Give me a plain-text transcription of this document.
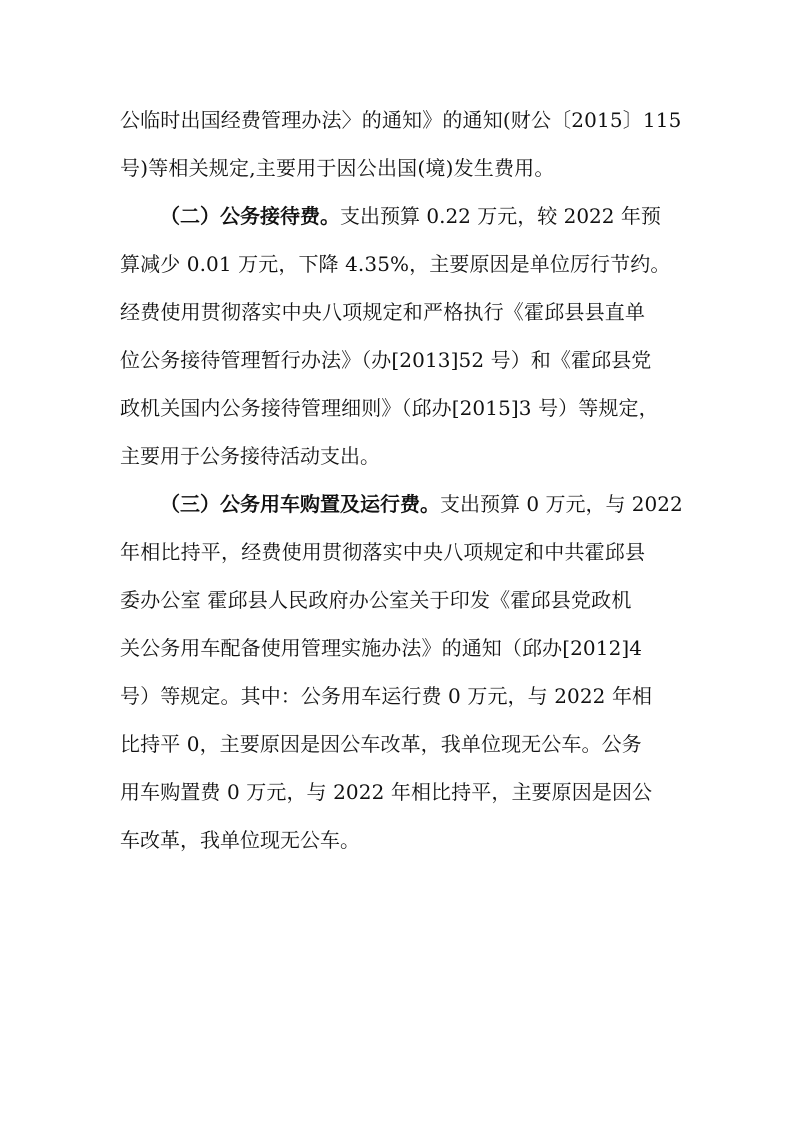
公临时出国经费管理办法〉的通知》的通知(财公〔2015〕115
号)等相关规定,主要用于因公出国(境)发生费用。
（二）公务接待费。支出预算 0.22 万元，较 2022 年预
算减少 0.01 万元，下降 4.35%，主要原因是单位厉行节约。
经费使用贯彻落实中央八项规定和严格执行《霍邱县县直单
位公务接待管理暂行办法》（办[2013]52 号）和《霍邱县党
政机关国内公务接待管理细则》（邱办[2015]3 号）等规定，
主要用于公务接待活动支出。
（三）公务用车购置及运行费。支出预算 0 万元，与 2022
年相比持平，经费使用贯彻落实中央八项规定和中共霍邱县
委办公室 霍邱县人民政府办公室关于印发《霍邱县党政机
关公务用车配备使用管理实施办法》的通知（邱办[2012]4
号）等规定。其中：公务用车运行费 0 万元，与 2022 年相
比持平 0，主要原因是因公车改革，我单位现无公车。公务
用车购置费 0 万元，与 2022 年相比持平，主要原因是因公
车改革，我单位现无公车。
